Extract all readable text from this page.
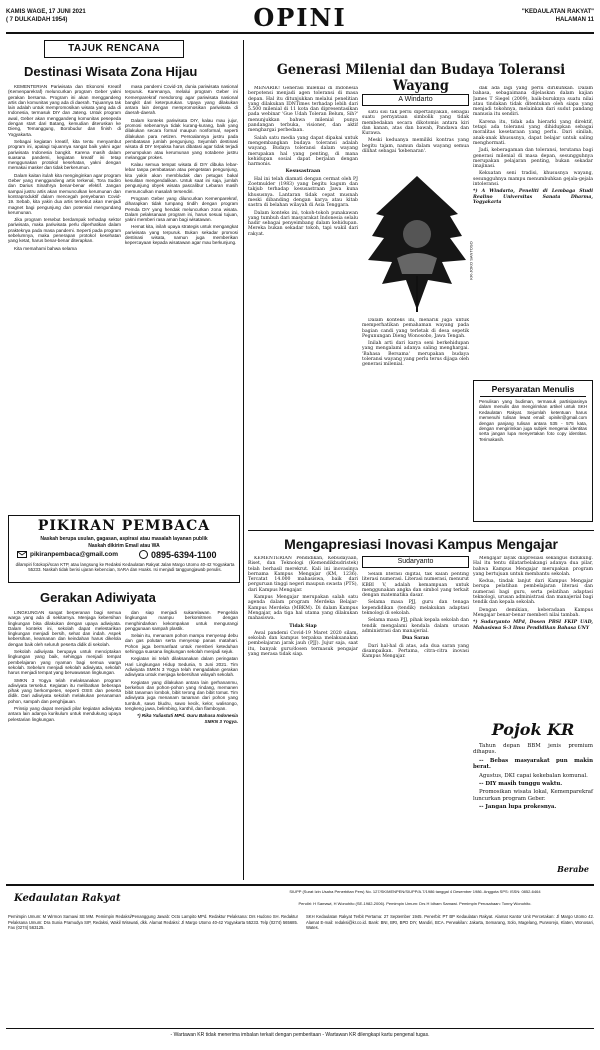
KAMIS WAGE, 17 JUNI 2021
( 7 DULKAIDAH 1954)	OPINI	"KEDAULATAN RAKYAT"
HALAMAN 11
TAJUK RENCANA
Destinasi Wisata Zona Hijau

KEMENTERIAN Pariwisata dan Ekonomi Kreatif (Kemenparekraf) meluncurkan program Geber yakni gerakan bersama. Program ini akan menggandeng artis dan komunitas yang ada di daerah. Tujuannya tak lain adalah untuk mempromosikan wisata yang ada di Indonesia, termasuk DIY dan Jateng. Untuk program awal, Geber akan menggandeng komunitas pesepeda dengan start dari Batang, kemudian diteruskan ke Dieng, Temanggung, Borobudur dan finish di Yogyakarta.

Sebagai kegiatan kreatif, kita tentu menyambut program ini, apalagi tujuannya sangat baik yakni agar pariwisata Indonesia bangkit. Karena masih dalam suasana pandemi, kegiatan kreatif ini tetap menggunakan protokol kesehatan, yakni dengan memakai masker dan tidak berkerumun.

Dalam kaitan itulah kita menginginkan agar program Geber yang menggandeng artis terkenal, Tora Sudiro dan Darius Sinathrya benar-benar efektif. Jangan sampai justru artis akan memunculkan kerumunan dan kontraproduktif dalam mencegah penyebaran Covid-19. Sebab, kita yakin dua artis tersebut akan menjadi magnet bagi pengunjung dan potensial mengundang kerumunan.

Jika program tersebut berdampak terhadap sektor pariwisata, maka pariwisata perlu diperhatikan dalam prakteknya pada masa pandemi. Seperti pada program sebelumnya, maka penerapan protokol kesehatan yang ketat, harus benar-benar diterapkan.

Kita memahami bahwa selama

masa pandemi Covid-19, dunia pariwisata nasional terpuruk. Karenanya, melalui program Geber ini Kemenparekraf mendorong agar pariwisata nasional bangkit dari keterpurukan. Upaya yang dilakukan antara lain dengan mempromosikan pariwisata di daerah-daerah.

Dalam konteks pariwisata DIY, kalau mau jujur, promosi sebenarnya tidak kurang-kurang, baik yang dilakukan secara formal maupun nonformal, seperti dilakukan para netizen. Persoalannya justru pada pembatasan jumlah pengunjung. Sejumlah destinasi wisata di DIY terpaksa harus dibatasi agar tidak terjadi penumpukan atau kerumunan yang notabene justru melanggar prokes.

Kalau semua tempat wisata di DIY dibuka lebar-lebar tanpa pembatasan atau pengetatan pengunjung, kita yakin akan membludak dan petugas bakal kesulitan mengendalikan. Untuk saat ini saja, jumlah pengunjung obyek wisata pascalibur Lebaran masih memunculkan masalah tersendiri.

Program Geber yang diluncurkan Kemenparekraf, diharapkan tidak tumpang tindih dengan program Pemda DIY yang hendak meluncurkan zona wisata. Dalam pelaksanaan program ini, harus sesuai tujuan, yakni memberi rasa aman bagi wisatawan.

Hemat kita, inilah upaya strategis untuk mengangkat pariwisata yang terpuruk. Bukan sekadar promosi destinasi wisata, namun juga memberikan kepercayaan kepada wisatawan agar mau berkunjung.

PIKIRAN PEMBACA
Naskah berupa usulan, gagasan, aspirasi atau masalah layanan publik
Naskah dikirim Email atau WA
pikiranpembaca@gmail.com	0895-6394-1100
dilampiri fotokopi/scan KTP, atau langsung ke Redaksi Kedaulatan Rakyat Jalan Margo Utomo 40-42 Yogyakarta 55233. Naskah tidak berisi ujaran kebencian, SARA dan Hoaks. Isi menjadi tanggungjawab penulis.
Gerakan Adiwiyata

LINGKUNGAN sangat berperanan bagi semua warga yang ada di sekitarnya. Menjaga kebersihan lingkungan bisa dilakukan dengan upaya adiwiyata. Dalam konteks ini, sekolah dapat melestarikan lingkungan menjadi bersih, sehat dan indah. Aspek kebersihan, keamanan dan keindahan harus dikelola dengan baik oleh seluruh peserta didik di sekolah.

Sekolah adiwiyata berupaya untuk menciptakan lingkungan yang baik, sehingga menjadi tempat pembelajaran yang nyaman bagi semua warga sekolah. Sebelum menjadi sekolah adiwiyata, sekolah harus menjadi tempat yang berwawasan lingkungan.

SMKN 3 Yogya telah melaksanakan program adiwiyata tersebut. Kegiatan itu melibatkan beberapa pihak yang berkompeten, seperti OSIS dan peserta didik. Dari adiwiyata sekolah melakukan penanaman pohon, sampah dan penghijauan.

Prinsip yang dapat menjadi pilar kegiatan adiwiyata antara lain adanya kurikulum untuk mendukung upaya pelestarian lingkungan.

dan siap menjadi sukarelawan. Pengelola lingkungan mampu berkomitmen dengan menghindarkan kekompakan untuk mengurangi penggunaan sampah plastik.

Selain itu, menanam pohon mampu menyerap debu dan gas polutan serta menyerap panas matahari. Pohon juga bermanfaat untuk memberi keteduhan sehingga suasana lingkungan sekolah menjadi sejuk.

Kegiatan ini telah dilaksanakan dalam peringatan Hari Lingkungan Hidup Sedunia, 5 Juni 2021. Tim Adiwiyata SMKN 3 Yogya telah mengadakan gerakan adiwiyata untuk menjaga kebersihan wilayah sekolah.

Kegiatan yang dilakukan antara lain gerhananmu, berkebun dan pohon-pohon yang rindang, memanen bibit tanaman lombok, bibit terong dan bibit tomat. Tim adiwiyata juga menanam tanaman dari pohon yang tumbuh, sawo bludru, sawo kecik, kelor, walisongo, tengkeng jawa, belimbing, kanthil, dan flamboyan.

*) Rika Yuliastuti MPd. Guru Bahasa Indonesia SMKN 3 Yogya.

Generasi Milenial dan Budaya Toleransi Wayang

MENARIK! Generasi milenial di Indonesia berpotensi menjadi agen toleransi di masa depan. Hal itu ditunjukkan melalui penelitian yang dilakukan IDNTimes terhadap lebih dari 5.500 milenial di 11 kota dan dipresentasikan pada webinar 'Gue Udah Toleran Belum, Sih?' menunjukkan bahwa milenial punya pandangan terbuka, visioner, dan aktif menghargai perbedaan.

Salah satu media yang dapat dipakai untuk mengembangkan budaya toleransi adalah wayang. Budaya toleransi dalam wayang merupakan hal yang penting, di mana kehidupan sosial dapat berjalan dengan harmonis.

Kesusastraan

Hal ini telah diamati dengan cermat oleh PJ Zoetmulder (1983) yang begitu kagum dan takjub terhadap kesusastraan Jawa kuna khususnya. Lantaran tidak cepat musnah meski dibanding dengan karya atau kitab sastra di belahan wilayah di Asia Tenggara.

Dalam konteks ini, tokoh-tokoh punakawan yang tumbuh dari masyarakat Indonesia selalu hadir sebagai penyeimbang dalam kehidupan. Mereka bukan sekadar tokoh, tapi wakil dari rakyat.

A Windarto

satu sisi tak perlu dipertanyakan, sebagai suatu pernyataan simbolik yang tidak membedakan secara dikotomis antara kiri dan kanan, atas dan bawah, Pandawa dan Kurawa.

Meski keduanya memiliki kontras yang begitu tajam, namun dalam wayang semua dilihat sebagai 'kebenaran'.

KR-JOKO SANTOSO

Dalam konteks ini, menarik juga untuk memperhatikan pemahaman wayang pada bagian candi yang terletak di desa sepetik Pegunungan Dieng Wonosobo, Jawa Tengah.

Inilah arti dari karya seni berkehidupan yang mengalami adanya saling menghargai. 'Bahasa Bersama' merupakan budaya toleransi wayang yang perlu terus dijaga oleh generasi milenial.

dak ada lagi yang perlu dirikuhkan. Dalam bahasa, sebagaimana dijelaskan dalam kajian James T Siegel (2009), baik-buruknya suatu nilai atau tindakan tidak ditentukan oleh siapa yang menjadi tokohnya, melainkan dari sudut pandang manusia itu sendiri.

Karena itu, tidak ada hierarki yang direktif, tetapi ada toleransi yang dihidupkan sebagai moralitas kesetaraan yang perlu. Dari sinilah, anak-anak khususnya, dapat belajar untuk saling menghormati.

Jadi, keberagaman dan toleransi, terutama bagi generasi milenial di masa depan, sesungguhnya merupakan pelajaran penting, bukan sekadar imajinasi.

Kekuatan seni tradisi, khususnya wayang, sesungguhnya mampu menumbuhkan gejala-gejala intoleransi.

*) A Windarto, Peneliti di Lembaga Studi Realino Universitas Sanata Dharma, Yogyakarta

Persyaratan Menulis
Penulisan yang budiman, termasuk partisipasinya dalam menulis dan mengirimkan artikel untuk SKH Kedaulatan Rakyat. Sejumlah ketentuan harus memenuhi tulisan lewat email: opinikr@gmail.com dengan panjang tulisan antara 535 - 575 kata, dengan mengirimkan juga subjek mengenai identitas serta jangan lupa menyertakan foto copy identitas. Terimakasih.
Mengapresiasi Inovasi Kampus Mengajar

KEMENTERIAN Pendidikan, Kebudayaan, Riset, dan Teknologi (Kemendikbudristek) telah berhasil merekrut. Kali ini inovasinya bernama Kampus Mengajar (KM, 1236). Tercatat 14.000 mahasiswa, baik dari perguruan tinggi negeri maupun swasta (PTS), dari Kampus Mengajar.

Kampus Mengajar merupakan salah satu agenda dalam program Merdeka Belajar-Kampus Merdeka (MBKM). Di dalam Kampus Mengajar, ada tiga hal utama yang dilakukan mahasiswa.

Tidak Siap

Awal pandemi Covid-19 Maret 2020 silam, sekolah dan kampus terpaksa melaksanakan pembelajaran jarak jauh (PJJ). Jujur saja, saat itu, banyak guru/dosen termasuk pengajar yang merasa tidak siap.

Sudaryanto

Selain literasi digital, tak kalah penting literasi numerasi. Literasi numerasi, menurut KBBI V, adalah kemampuan untuk menggunakan angka dan simbol yang terkait dengan matematika dasar.

Selama masa PJJ, guru dan tenaga kependidikan (tendik) melakukan adaptasi teknologi di sekolah.

Selama masa PJJ, pihak kepala sekolah dan tendik mengalami kendala dalam urusan administrasi dan manajerial.

Dua Saran

Dari hal-hal di atas, ada dua saran yang disampaikan. Pertama, citra-citra inovasi Kampus Mengajar.

Mengajar layak diapresiasi sekaligus didukung. Hal itu tentu dilatarbelakangi adanya dua pilar, bahwa Kampus Mengajar merupakan program yang bertujuan untuk membantu sekolah.

Kedua, tindak lanjut dari Kampus Mengajar berupa pelatihan pembelajaran literasi dan numerasi bagi guru, serta pelatihan adaptasi teknologi, urusan administrasi dan manajerial bagi tendik dan kepala sekolah.

Dengan demikian, keberadaan Kampus Mengajar benar-benar memberi nilai tambah.

*) Sudaryanto MPd, Dosen PBSI FKIP UAD, Mahasiswa S-3 Ilmu Pendidikan Bahasa UNY

Pojok KR

Tahun depan BBM jenis premium dihapus.

-- Bebas masyarakat pun makin berat.

Agustus, DKI capai kekebalan komunal.

-- DIY masih tunggu waktu.

Promosikan wisata lokal, Kemenparekraf luncurkan program Geber.

-- Jangan lupa prokesnya.

Berabe
Kedaulatan Rakyat
SIUPP (Surat Izin Usaha Penerbitan Pers) No. 127/SK/MENPEN/SIUPP/A.7/1986 tanggal 4 Desember 1986. Anggota SPS: ISSN: 0852-6464
Pendiri: H Samawi, H Wonohito (SE-1982-2006). Pemimpin Umum: Drs H Idham Samawi. Pemimpin Perusahaan: Tonny Wonohito.
Pemimpin Umum: M Wirmon Samawi SE MM. Pemimpin Redaksi/Penanggung Jawab: Octo Lampito MPd. Redaktur Pelaksana: Drs Hudono SH. Redaktur Pelaksana Umum: Dra Sunia Pramudya SIP, Redaksi, Wakil Wirawati, dkk. Alamat Redaksi: Jl Margo Utomo 40-42 Yogyakarta 55233. Telp (0274) 565685. Fax (0274) 563125.
SKH Kedaulatan Rakyat Terbit Pertama: 27 September 1945. Penerbit: PT BP Kedaulatan Rakyat. Alamat Kantor Unit Percetakan: Jl Margo Utomo 42. Alamat E-mail: redaksi@kr.co.id. Bank: BNI, BRI, BPD DIY, Mandiri, BCA. Perwakilan: Jakarta, Semarang, Solo, Magelang, Purworejo, Klaten, Wonosari, Wates.
- Wartawan KR tidak menerima imbalan terkait dengan pemberitaan - Wartawan KR dilengkapi kartu pengenal tugas.
